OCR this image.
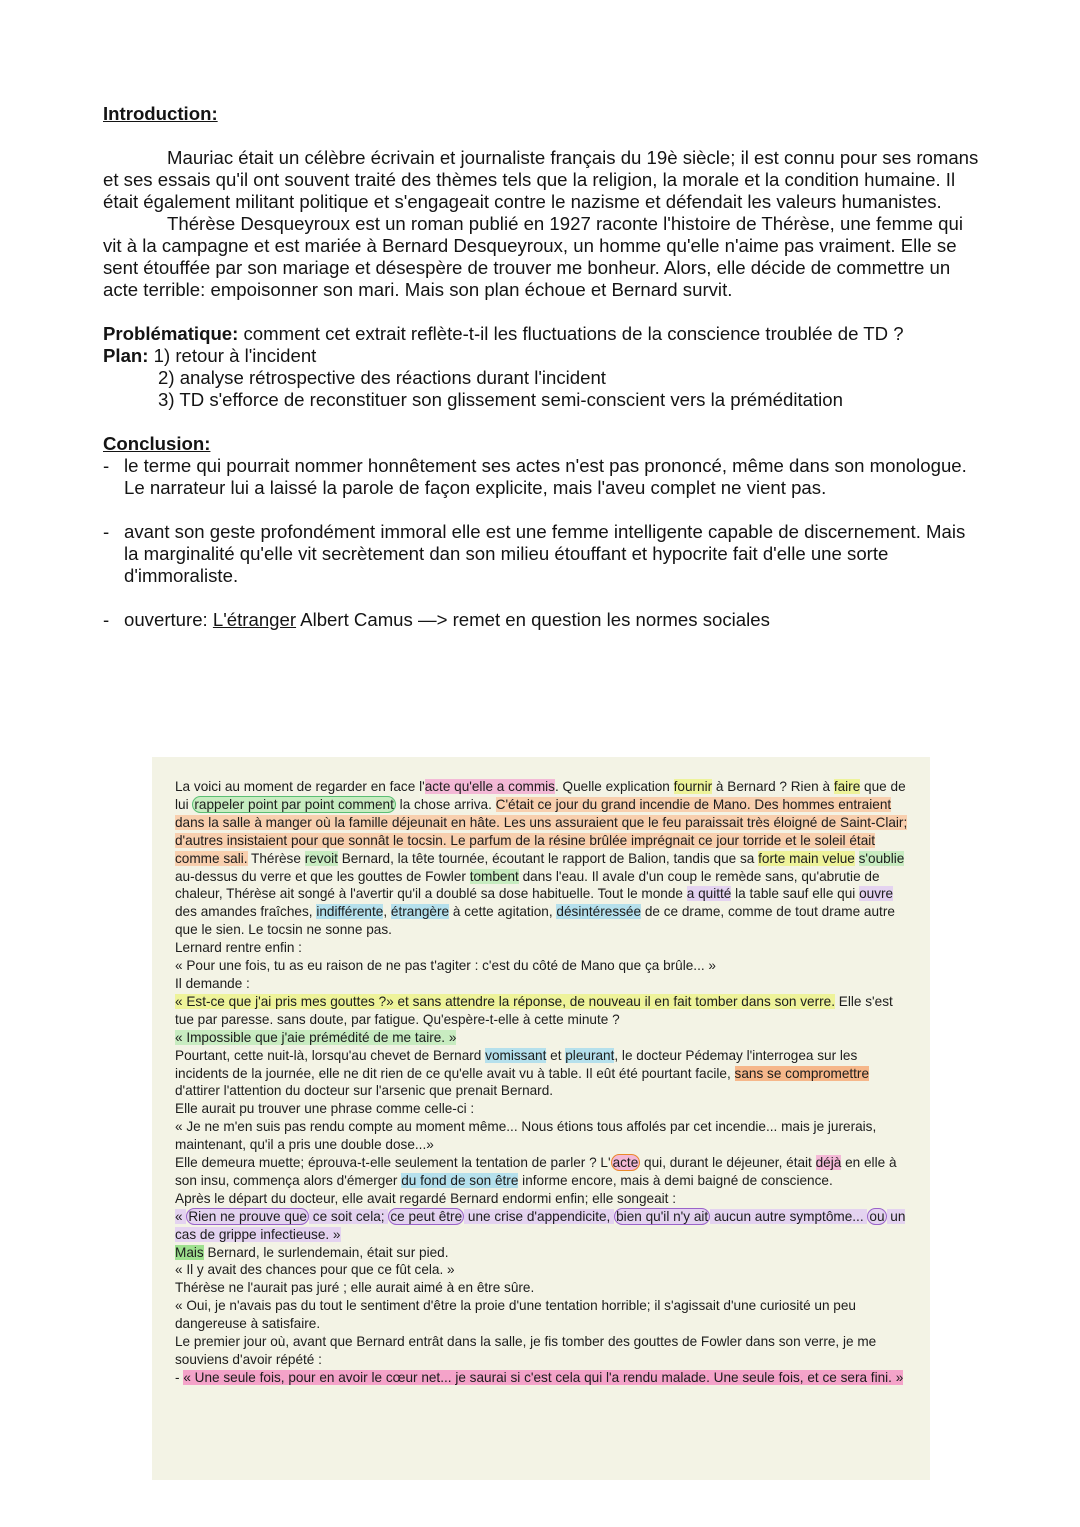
Introduction:

Mauriac était un célèbre écrivain et journaliste français du 19è siècle; il est connu pour ses romans et ses essais qu'il ont souvent traité des thèmes tels que la religion, la morale et la condition humaine. Il était également militant politique et s'engageait contre le nazisme et défendait les valeurs humanistes.

Thérèse Desqueyroux est un roman publié en 1927 raconte l'histoire de Thérèse, une femme qui vit à la campagne et est mariée à Bernard Desqueyroux, un homme qu'elle n'aime pas vraiment. Elle se sent étouffée par son mariage et désespère de trouver me bonheur. Alors, elle décide de commettre un acte terrible: empoisonner son mari. Mais son plan échoue et Bernard survit.

Problématique: comment cet extrait reflète-t-il les fluctuations de la conscience troublée de TD ?

Plan: 1) retour à l'incident

2) analyse rétrospective des réactions durant l'incident

3) TD s'efforce de reconstituer son glissement semi-conscient vers la préméditation

Conclusion:

- le terme qui pourrait nommer honnêtement ses actes n'est pas prononcé, même dans son monologue. Le narrateur lui a laissé la parole de façon explicite, mais l'aveu complet ne vient pas.
- avant son geste profondément immoral elle est une femme intelligente capable de discernement. Mais la marginalité qu'elle vit secrètement dan son milieu étouffant et hypocrite fait d'elle une sorte d'immoraliste.
- ouverture: L'étranger Albert Camus —> remet en question les normes sociales

La voici au moment de regarder en face l'acte qu'elle a commis. Quelle explication fournir à Bernard ? Rien à faire que de lui rappeler point par point comment la chose arriva. C'était ce jour du grand incendie de Mano. Des hommes entraient dans la salle à manger où la famille déjeunait en hâte. Les uns assuraient que le feu paraissait très éloigné de Saint-Clair; d'autres insistaient pour que sonnât le tocsin. Le parfum de la résine brûlée imprégnait ce jour torride et le soleil était comme sali. Thérèse revoit Bernard, la tête tournée, écoutant le rapport de Balion, tandis que sa forte main velue s'oublie au-dessus du verre et que les gouttes de Fowler tombent dans l'eau. Il avale d'un coup le remède sans, qu'abrutie de chaleur, Thérèse ait songé à l'avertir qu'il a doublé sa dose habituelle. Tout le monde a quitté la table sauf elle qui ouvre des amandes fraîches, indifférente, étrangère à cette agitation, désintéressée de ce drame, comme de tout drame autre que le sien. Le tocsin ne sonne pas.

Lernard rentre enfin :

« Pour une fois, tu as eu raison de ne pas t'agiter : c'est du côté de Mano que ça brûle... »

Il demande :

« Est-ce que j'ai pris mes gouttes ?» et sans attendre la réponse, de nouveau il en fait tomber dans son verre. Elle s'est tue par paresse. sans doute, par fatigue. Qu'espère-t-elle à cette minute ?

« Impossible que j'aie prémédité de me taire. »

Pourtant, cette nuit-là, lorsqu'au chevet de Bernard vomissant et pleurant, le docteur Pédemay l'interrogea sur les incidents de la journée, elle ne dit rien de ce qu'elle avait vu à table. Il eût été pourtant facile, sans se compromettre d'attirer l'attention du docteur sur l'arsenic que prenait Bernard.

Elle aurait pu trouver une phrase comme celle-ci :

« Je ne m'en suis pas rendu compte au moment même... Nous étions tous affolés par cet incendie... mais je jurerais, maintenant, qu'il a pris une double dose...»

Elle demeura muette; éprouva-t-elle seulement la tentation de parler ? L' acte qui, durant le déjeuner, était déjà en elle à son insu, commença alors d'émerger du fond de son être informe encore, mais à demi baigné de conscience.

Après le départ du docteur, elle avait regardé Bernard endormi enfin; elle songeait :

« Rien ne prouve que ce soit cela; ce peut être une crise d'appendicite, bien qu'il n'y ait aucun autre symptôme... ou un cas de grippe infectieuse. »

Mais Bernard, le surlendemain, était sur pied.

« Il y avait des chances pour que ce fût cela. »

Thérèse ne l'aurait pas juré ; elle aurait aimé à en être sûre.

« Oui, je n'avais pas du tout le sentiment d'être la proie d'une tentation horrible; il s'agissait d'une curiosité un peu dangereuse à satisfaire.

Le premier jour où, avant que Bernard entrât dans la salle, je fis tomber des gouttes de Fowler dans son verre, je me souviens d'avoir répété :

- « Une seule fois, pour en avoir le cœur net... je saurai si c'est cela qui l'a rendu malade. Une seule fois, et ce sera fini. »
